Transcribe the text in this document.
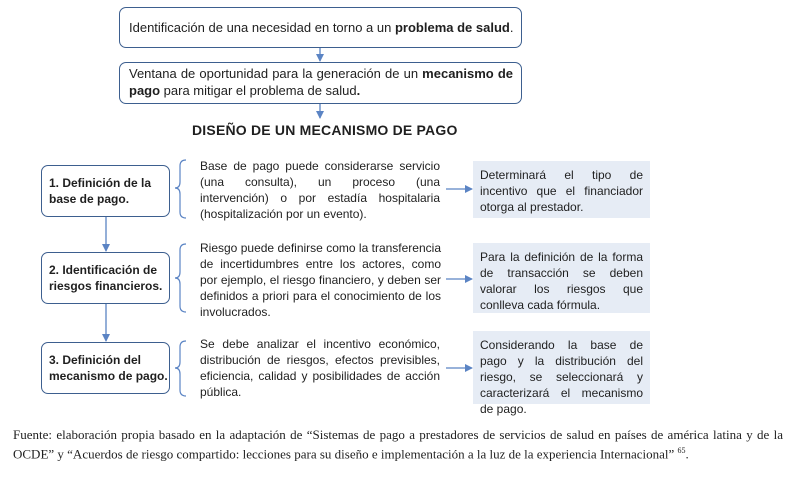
Identificación de una necesidad en torno a un problema de salud.
Ventana de oportunidad para la generación de un mecanismo de pago para mitigar el problema de salud.
DISEÑO DE UN MECANISMO DE PAGO
1. Definición de la base de pago.
2. Identificación de riesgos financieros.
3. Definición del mecanismo de pago.
Base de pago puede considerarse servicio (una consulta), un proceso (una intervención) o por estadía hospitalaria (hospitalización por un evento).
Riesgo puede definirse como la transferencia de incertidumbres entre los actores, como por ejemplo, el riesgo financiero, y deben ser definidos a priori para el conocimiento de los involucrados.
Se debe analizar el incentivo económico, distribución de riesgos, efectos previsibles, eficiencia, calidad y posibilidades de acción pública.
Determinará el tipo de incentivo que el financiador otorga al prestador.
Para la definición de la forma de transacción se deben valorar los riesgos que conlleva cada fórmula.
Considerando la base de pago y la distribución del riesgo, se seleccionará y caracterizará el mecanismo de pago.
Fuente: elaboración propia basado en la adaptación de “Sistemas de pago a prestadores de servicios de salud en países de américa latina y de la OCDE” y “Acuerdos de riesgo compartido: lecciones para su diseño e implementación a la luz de la experiencia Internacional” $^{65}$.
